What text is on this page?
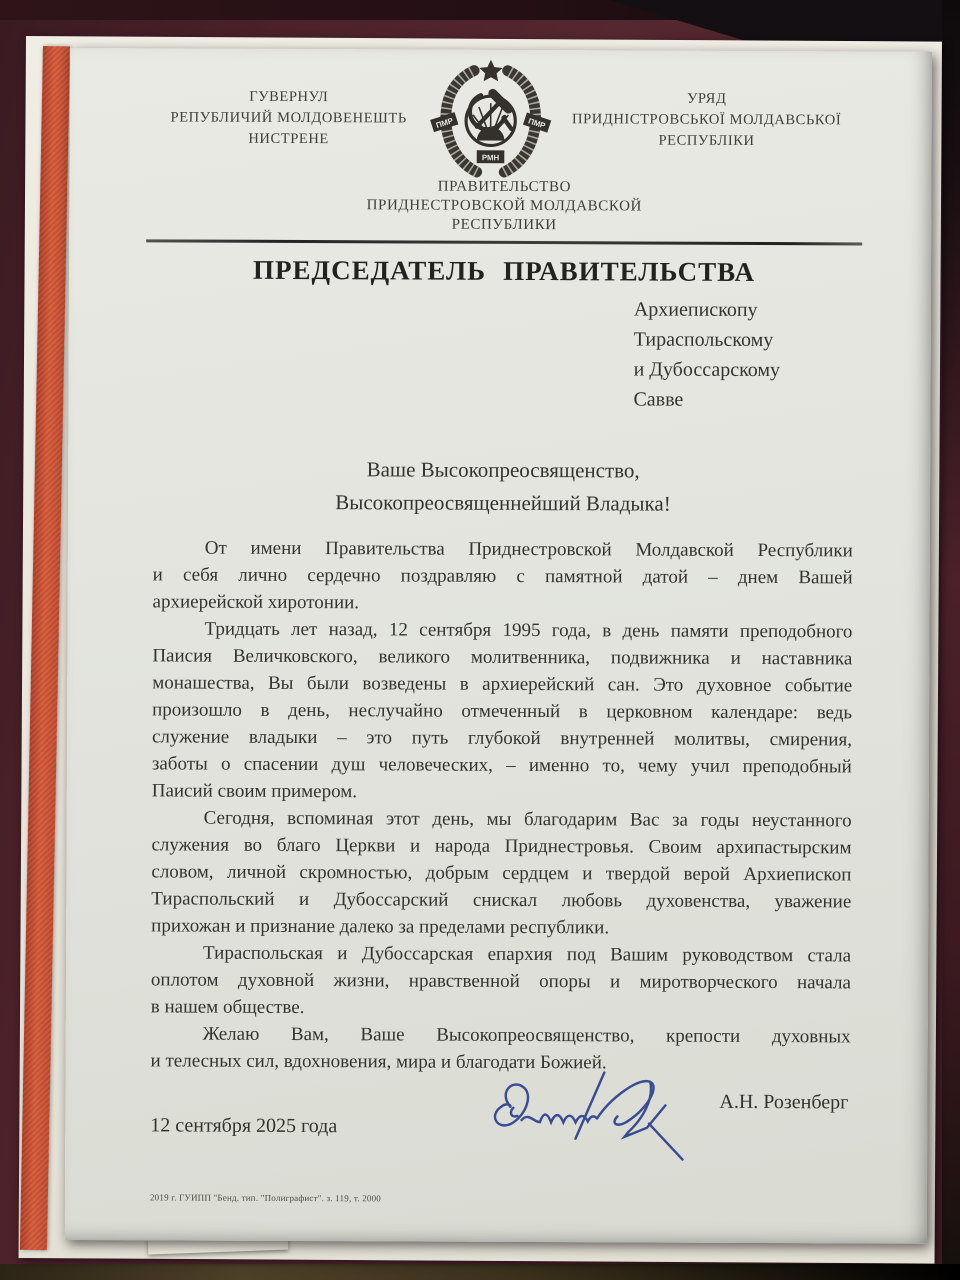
ГУВЕРНУЛ
РЕПУБЛИЧИЙ МОЛДОВЕНЕШТЬ
НИСТРЕНЕ
ПМР	ПМР
РМН
УРЯД
ПРИДНІСТРОВСЬКОЇ МОЛДАВСЬКОЇ
РЕСПУБЛІКИ
ПРАВИТЕЛЬСТВО
ПРИДНЕСТРОВСКОЙ МОЛДАВСКОЙ
РЕСПУБЛИКИ
ПРЕДСЕДАТЕЛЬ ПРАВИТЕЛЬСТВА
Архиепископу
Тираспольскому
и Дубоссарскому
Савве
Ваше Высокопреосвященство,
Высокопреосвященнейший Владыка!
От имени Правительства Приднестровской Молдавской Республики
и себя лично сердечно поздравляю с памятной датой – днем Вашей
архиерейской хиротонии.
Тридцать лет назад, 12 сентября 1995 года, в день памяти преподобного
Паисия Величковского, великого молитвенника, подвижника и наставника
монашества, Вы были возведены в архиерейский сан. Это духовное событие
произошло в день, неслучайно отмеченный в церковном календаре: ведь
служение владыки – это путь глубокой внутренней молитвы, смирения,
заботы о спасении душ человеческих, – именно то, чему учил преподобный
Паисий своим примером.
Сегодня, вспоминая этот день, мы благодарим Вас за годы неустанного
служения во благо Церкви и народа Приднестровья. Своим архипастырским
словом, личной скромностью, добрым сердцем и твердой верой Архиепископ
Тираспольский и Дубоссарский снискал любовь духовенства, уважение
прихожан и признание далеко за пределами республики.
Тираспольская и Дубоссарская епархия под Вашим руководством стала
оплотом духовной жизни, нравственной опоры и миротворческого начала
в нашем обществе.
Желаю Вам, Ваше Высокопреосвященство, крепости духовных
и телесных сил, вдохновения, мира и благодати Божией.
12 сентября 2025 года
А.Н. Розенберг
2019 г. ГУИПП "Бенд. тип. "Полиграфист". з. 119, т. 2000
